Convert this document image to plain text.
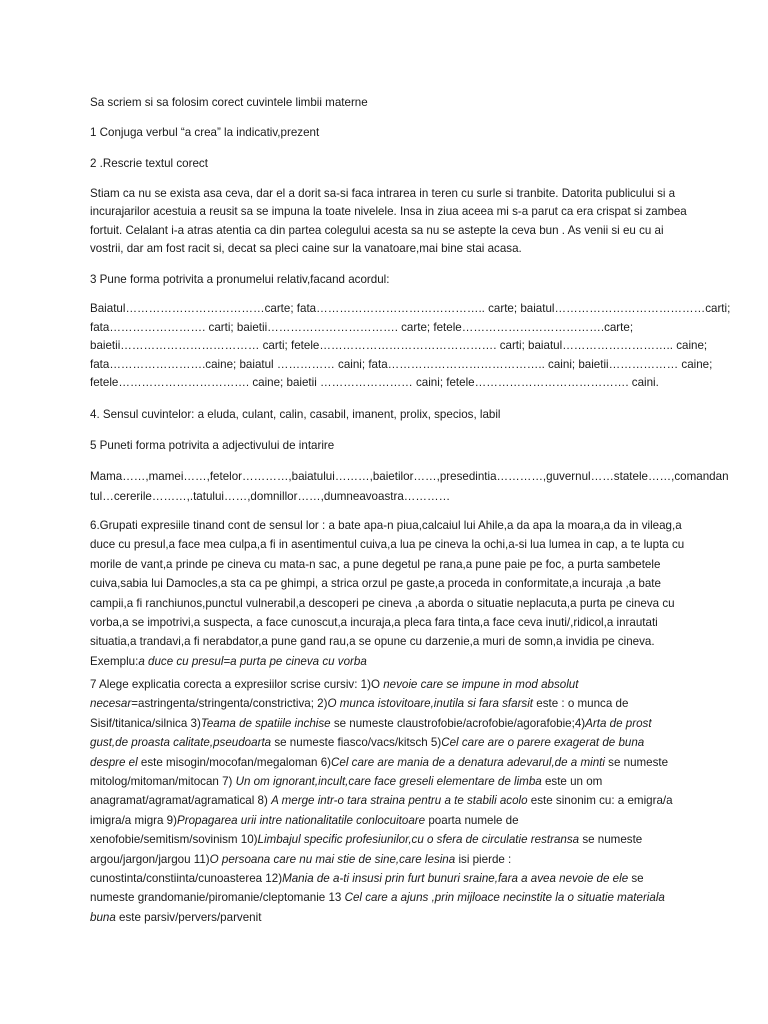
Sa scriem si sa folosim corect cuvintele limbii materne

1 Conjuga verbul “a crea” la indicativ,prezent

2 .Rescrie textul corect

Stiam ca nu se exista asa ceva, dar el a dorit sa-si faca intrarea in teren cu surle si tranbite. Datorita publicului si a
incurajarilor acestuia a reusit sa se impuna la toate nivelele. Insa in ziua aceea mi s-a parut ca era crispat si zambea
fortuit. Celalant i-a atras atentia ca din partea colegului acesta sa nu se astepte la ceva bun . As venii si eu cu ai
vostrii, dar am fost racit si, decat sa pleci caine sur la vanatoare,mai bine stai acasa.

3 Pune forma potrivita a pronumelui relativ,facand acordul:

Baiatul………………………………carte; fata…………………………………….. carte; baiatul…………………………………carti;
fata……………………. carti; baietii……………………………. carte; fetele……………………………….carte;
baietii……………………………… carti; fetele………………………………………. carti; baiatul……………………….. caine;
fata…………………….caine; baiatul …………… caini; fata………………………………….. caini; baietii……………… caine;
fetele……………………………. caine; baietii …………………… caini; fetele…………………………………. caini.

4. Sensul cuvintelor: a eluda, culant, calin, casabil, imanent, prolix, specios, labil

5 Puneti forma potrivita a adjectivului de intarire

Mama……,mamei……,fetelor…………,baiatului………,baietilor……,presedintia…………,guvernul……statele……,comandan
tul…cererile………,.tatului……,domnillor……,dumneavoastra…………
6.Grupati expresiile tinand cont de sensul lor : a bate apa-n piua,calcaiul lui Ahile,a da apa la moara,a da in vileag,a
duce cu presul,a face mea culpa,a fi in asentimentul cuiva,a lua pe cineva la ochi,a-si lua lumea in cap, a te lupta cu
morile de vant,a prinde pe cineva cu mata-n sac, a pune degetul pe rana,a pune paie pe foc, a purta sambetele
cuiva,sabia lui Damocles,a sta ca pe ghimpi, a strica orzul pe gaste,a proceda in conformitate,a incuraja ,a bate
campii,a fi ranchiunos,punctul vulnerabil,a descoperi pe cineva ,a aborda o situatie neplacuta,a purta pe cineva cu
vorba,a se impotrivi,a suspecta, a face cunoscut,a incuraja,a pleca fara tinta,a face ceva inuti/,ridicol,a inrautati
situatia,a trandavi,a fi nerabdator,a pune gand rau,a se opune cu darzenie,a muri de somn,a invidia pe cineva.
Exemplu:a duce cu presul=a purta pe cineva cu vorba
7 Alege explicatia corecta a expresiilor scrise cursiv: 1)O nevoie care se impune in mod absolut
necesar=astringenta/stringenta/constrictiva; 2)O munca istovitoare,inutila si fara sfarsit este : o munca de
Sisif/titanica/silnica 3)Teama de spatiile inchise se numeste claustrofobie/acrofobie/agorafobie;4)Arta de prost
gust,de proasta calitate,pseudoarta se numeste fiasco/vacs/kitsch 5)Cel care are o parere exagerat de buna
despre el este misogin/mocofan/megaloman 6)Cel care are mania de a denatura adevarul,de a minti se numeste
mitolog/mitoman/mitocan 7) Un om ignorant,incult,care face greseli elementare de limba este un om
anagramat/agramat/agramatical 8) A merge intr-o tara straina pentru a te stabili acolo este sinonim cu: a emigra/a
imigra/a migra 9)Propagarea urii intre nationalitatile conlocuitoare poarta numele de
xenofobie/semitism/sovinism 10)Limbajul specific profesiunilor,cu o sfera de circulatie restransa se numeste
argou/jargon/jargou 11)O persoana care nu mai stie de sine,care lesina isi pierde :
cunostinta/constiinta/cunoasterea 12)Mania de a-ti insusi prin furt bunuri sraine,fara a avea nevoie de ele se
numeste grandomanie/piromanie/cleptomanie 13 Cel care a ajuns ,prin mijloace necinstite la o situatie materiala
buna este parsiv/pervers/parvenit
